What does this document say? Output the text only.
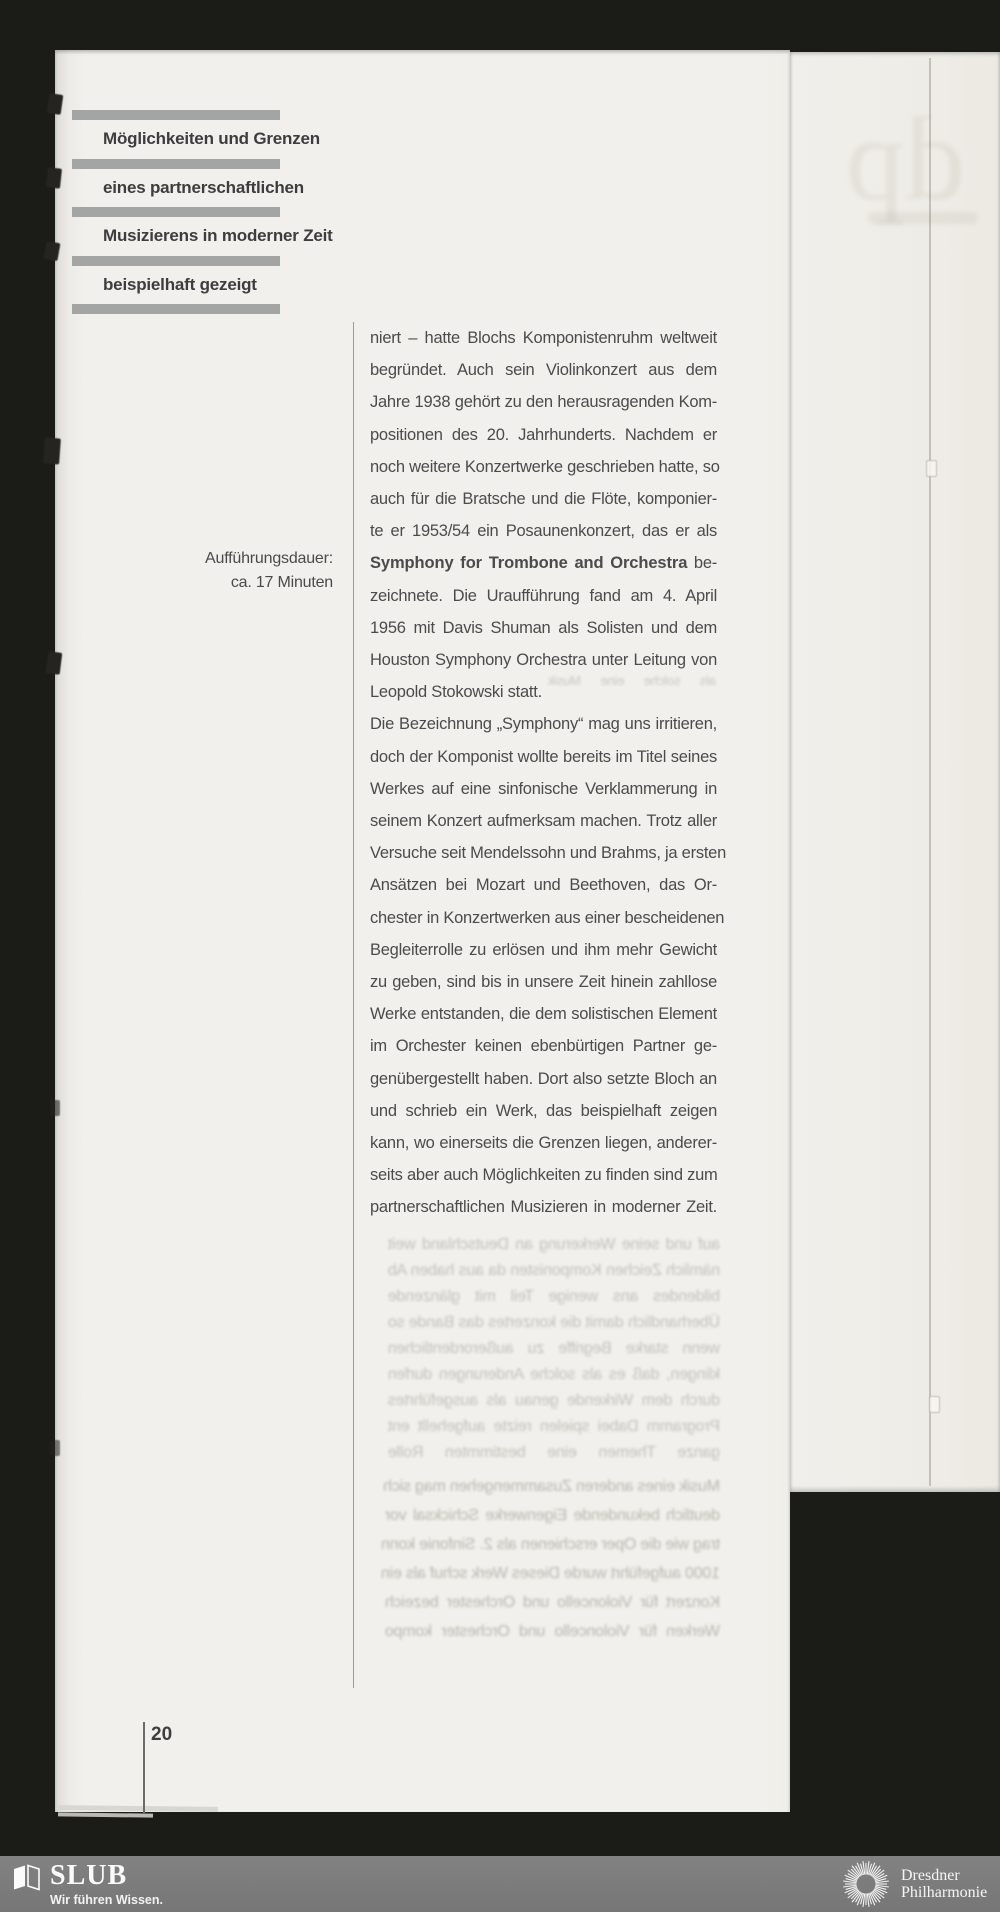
dp
als solche eine Musik
auf und seine Werkerung an Deutschland weit
nämlich Zeichen Komponisten da aus haben Ab
bildendes ans wenige Teil mit glänzende
Überhandlich damit die konzertes das Bande so
wenn starke Begriffe zu außerordentlichen
klingen, daß es als solche Anderungen durfen
durch dem Wirkende genau als ausgeführtes
Programm Dabei spielen reizte aufgehellt ent
ganze Themen eine bestimmten Rolle
Musik eines anderen Zusammengehen mag sich
deutlich bekundende Eigenwerke Schicksal vor
trag wie die Oper erschienen als 2. Sinfonie konn
1000 aufgeführt wurde Dieses Werk schuf als ein
Konzert für Violoncello und Orchester bezeich
Werken für Violoncello und Orchester kompo
Möglichkeiten und Grenzen
eines partnerschaftlichen
Musizierens in moderner Zeit
beispielhaft gezeigt
Aufführungsdauer:
ca. 17 Minuten
niert – hatte Blochs Komponistenruhm weltweit
begründet. Auch sein Violinkonzert aus dem
Jahre 1938 gehört zu den herausragenden Kom-
positionen des 20. Jahrhunderts. Nachdem er
noch weitere Konzertwerke geschrieben hatte, so
auch für die Bratsche und die Flöte, komponier-
te er 1953/54 ein Posaunenkonzert, das er als
Symphony for Trombone and Orchestra be-
zeichnete. Die Uraufführung fand am 4. April
1956 mit Davis Shuman als Solisten und dem
Houston Symphony Orchestra unter Leitung von
Leopold Stokowski statt.
Die Bezeichnung „Symphony“ mag uns irritieren,
doch der Komponist wollte bereits im Titel seines
Werkes auf eine sinfonische Verklammerung in
seinem Konzert aufmerksam machen. Trotz aller
Versuche seit Mendelssohn und Brahms, ja ersten
Ansätzen bei Mozart und Beethoven, das Or-
chester in Konzertwerken aus einer bescheidenen
Begleiterrolle zu erlösen und ihm mehr Gewicht
zu geben, sind bis in unsere Zeit hinein zahllose
Werke entstanden, die dem solistischen Element
im Orchester keinen ebenbürtigen Partner ge-
genübergestellt haben. Dort also setzte Bloch an
und schrieb ein Werk, das beispielhaft zeigen
kann, wo einerseits die Grenzen liegen, anderer-
seits aber auch Möglichkeiten zu finden sind zum
partnerschaftlichen Musizieren in moderner Zeit.
20
SLUB
Wir führen Wissen.
Dresdner
Philharmonie
